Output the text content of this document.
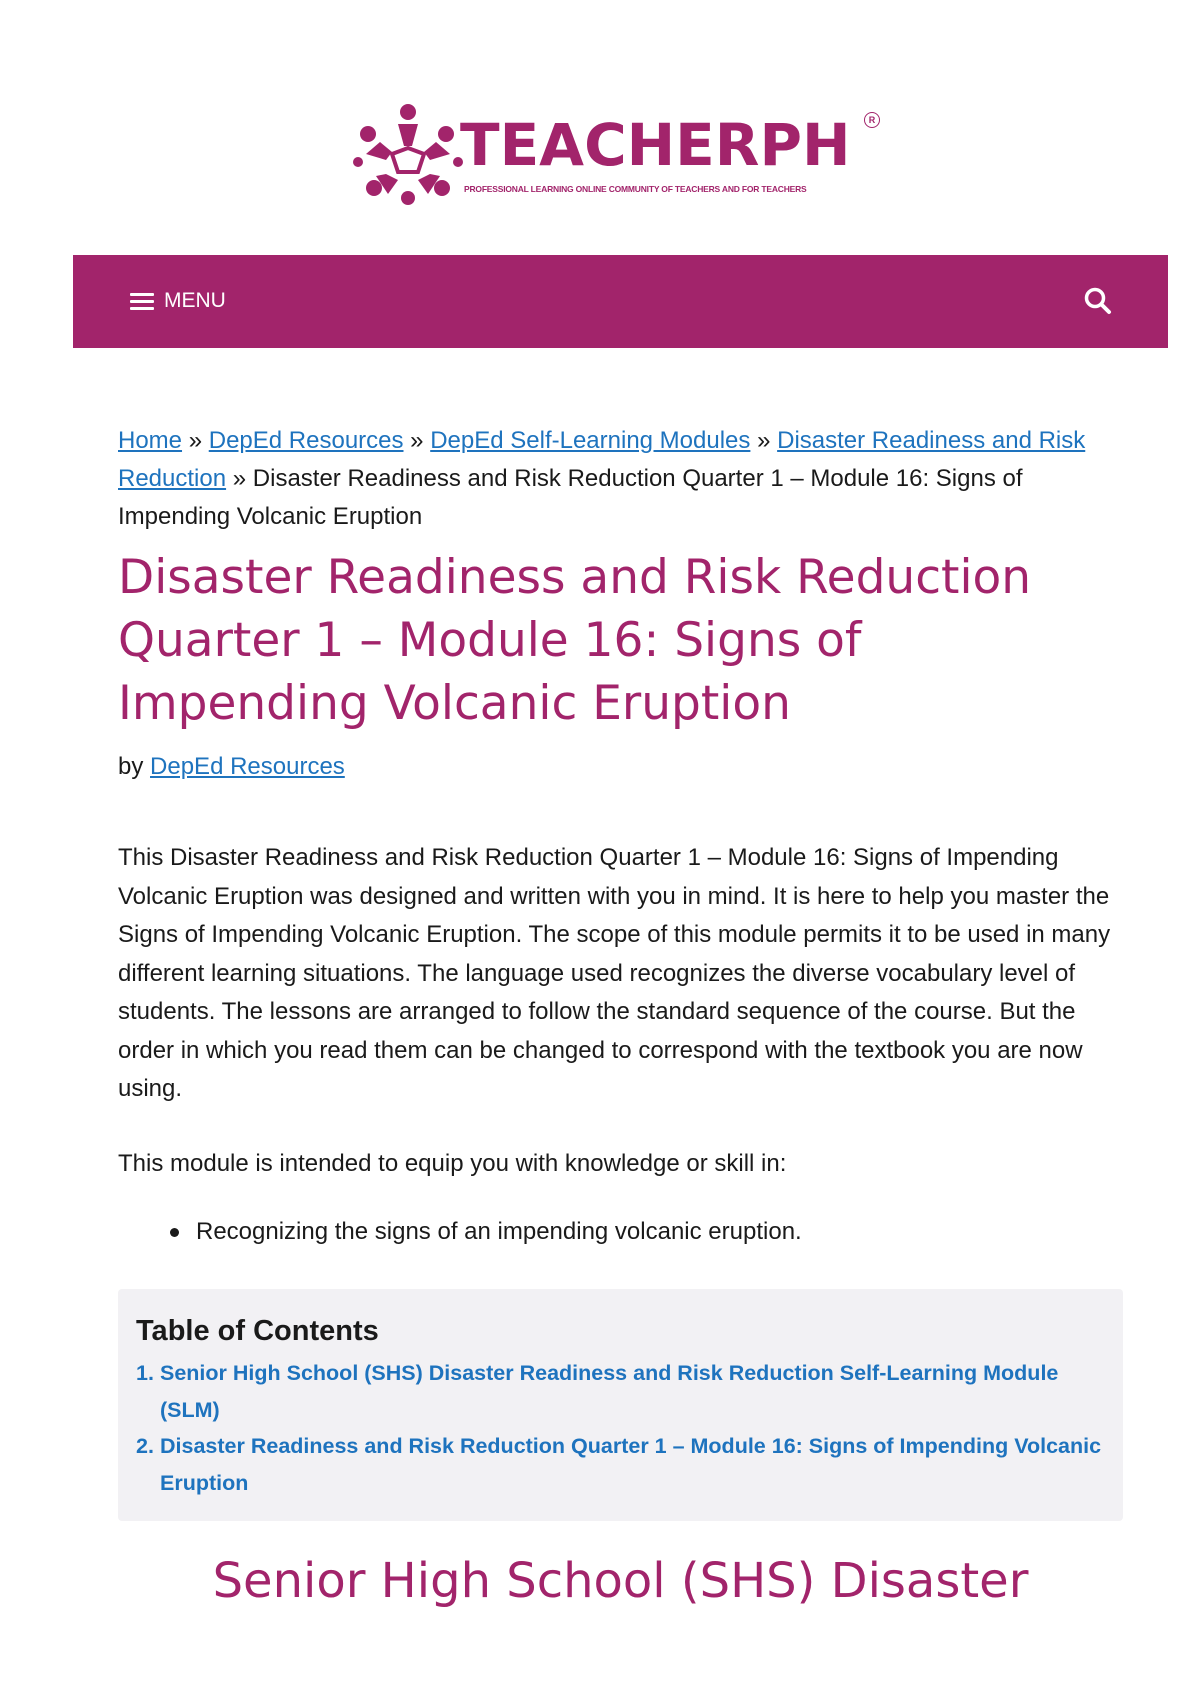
TEACHERPH	R
PROFESSIONAL LEARNING ONLINE COMMUNITY OF TEACHERS AND FOR TEACHERS
MENU

Home » DepEd Resources » DepEd Self-Learning Modules » Disaster Readiness and Risk Reduction » Disaster Readiness and Risk Reduction Quarter 1 – Module 16: Signs of Impending Volcanic Eruption

Disaster Readiness and Risk Reduction Quarter 1 – Module 16: Signs of Impending Volcanic Eruption

by DepEd Resources

This Disaster Readiness and Risk Reduction Quarter 1 – Module 16: Signs of Impending Volcanic Eruption was designed and written with you in mind. It is here to help you master the Signs of Impending Volcanic Eruption. The scope of this module permits it to be used in many different learning situations. The language used recognizes the diverse vocabulary level of students. The lessons are arranged to follow the standard sequence of the course. But the order in which you read them can be changed to correspond with the textbook you are now using.

This module is intended to equip you with knowledge or skill in:

Recognizing the signs of an impending volcanic eruption.

Table of Contents

1. Senior High School (SHS) Disaster Readiness and Risk Reduction Self-Learning Module (SLM)
2. Disaster Readiness and Risk Reduction Quarter 1 – Module 16: Signs of Impending Volcanic Eruption
Senior High School (SHS) Disaster
